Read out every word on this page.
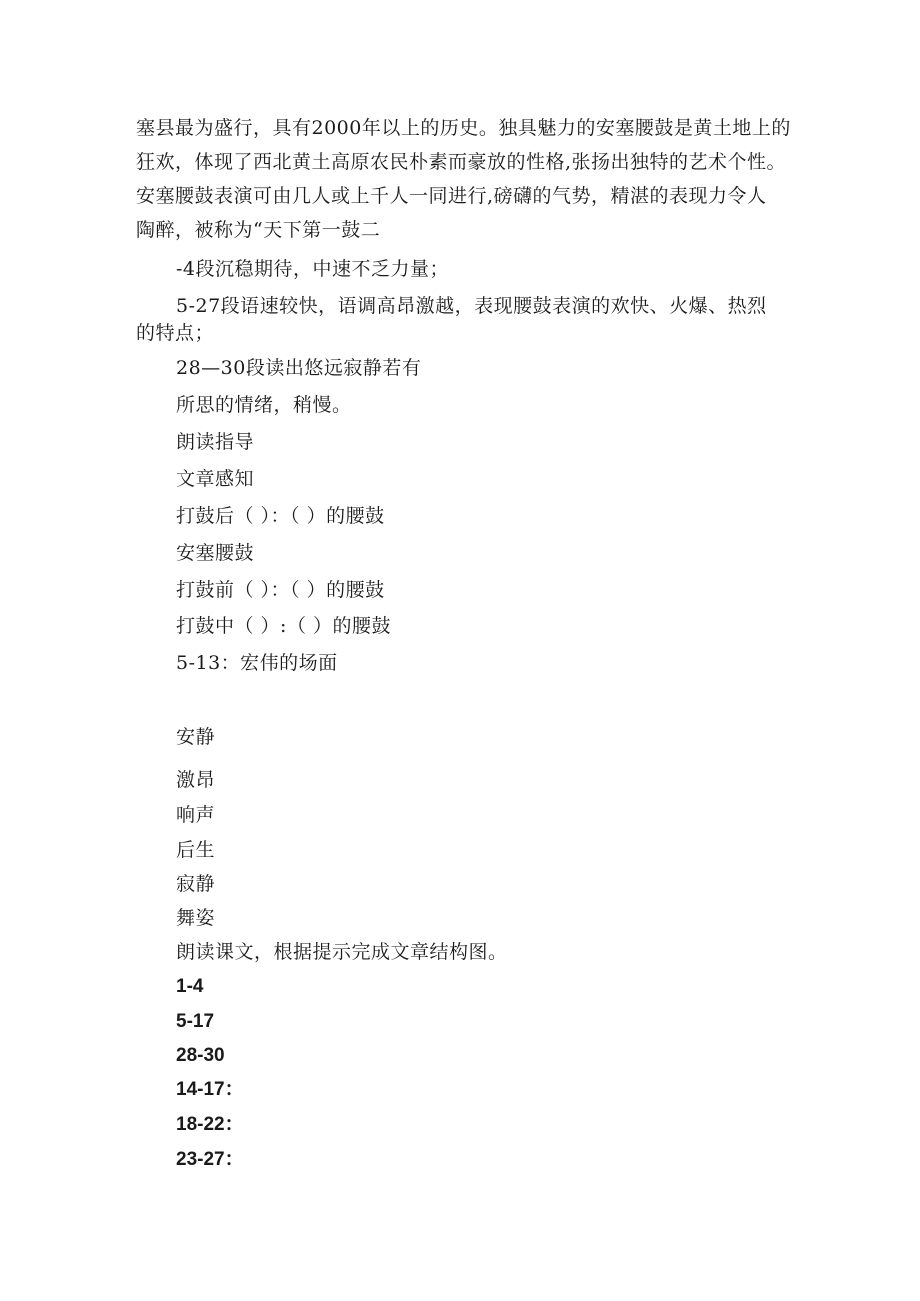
塞县最为盛行，具有2000年以上的历史。独具魅力的安塞腰鼓是黄土地上的
狂欢，体现了西北黄土高原农民朴素而豪放的性格,张扬出独特的艺术个性。
安塞腰鼓表演可由几人或上千人一同进行,磅礴的气势，精湛的表现力令人
陶醉，被称为“天下第一鼓二
-4段沉稳期待，中速不乏力量；
5-27段语速较快，语调高昂激越，表现腰鼓表演的欢快、火爆、热烈
的特点；
28—30段读出悠远寂静若有
所思的情绪，稍慢。
朗读指导
文章感知
打鼓后（ ）：（ ）的腰鼓
安塞腰鼓
打鼓前（ ）：（ ）的腰鼓
打鼓中（ ）:（ ）的腰鼓
5-13：宏伟的场面
安静
激昂
响声
后生
寂静
舞姿
朗读课文，根据提示完成文章结构图。
1-4
5-17
28-30
14-17：
18-22：
23-27：
